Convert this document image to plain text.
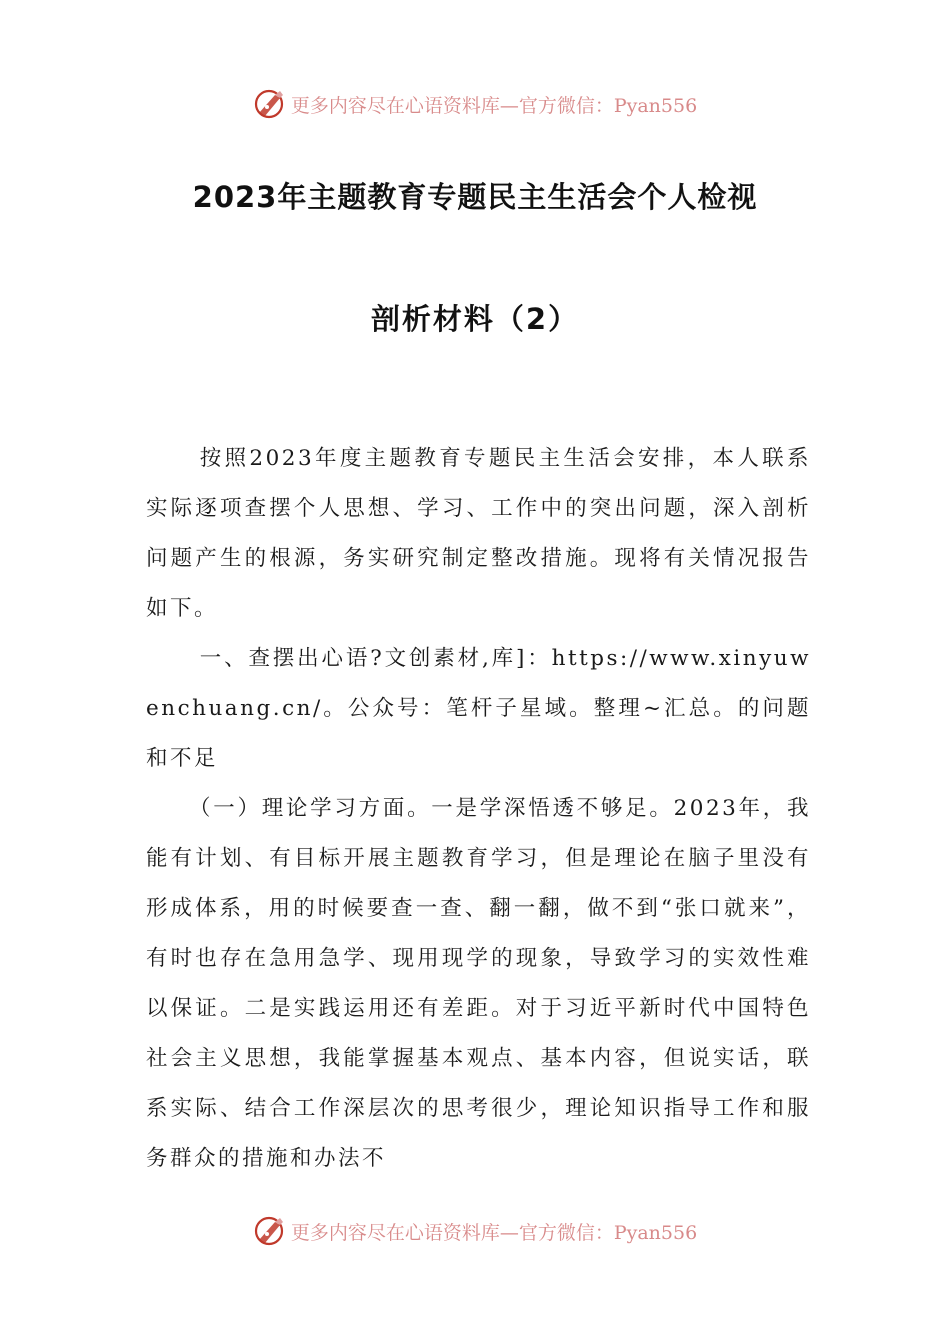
更多内容尽在心语资料库—官方微信：Pyan556
2023年主题教育专题民主生活会个人检视
剖析材料（2）

按照2023年度主题教育专题民主生活会安排，本人联系实际逐项查摆个人思想、学习、工作中的突出问题，深入剖析问题产生的根源，务实研究制定整改措施。现将有关情况报告如下。

一、查摆出心语?文创素材,库]：https://www.xinyuwenchuang.cn/。公众号：笔杆子星域。整理~汇总。的问题和不足

（一）理论学习方面。一是学深悟透不够足。2023年，我能有计划、有目标开展主题教育学习，但是理论在脑子里没有形成体系，用的时候要查一查、翻一翻，做不到“张口就来”，有时也存在急用急学、现用现学的现象，导致学习的实效性难以保证。二是实践运用还有差距。对于习近平新时代中国特色社会主义思想，我能掌握基本观点、基本内容，但说实话，联系实际、结合工作深层次的思考很少，理论知识指导工作和服务群众的措施和办法不

更多内容尽在心语资料库—官方微信：Pyan556
